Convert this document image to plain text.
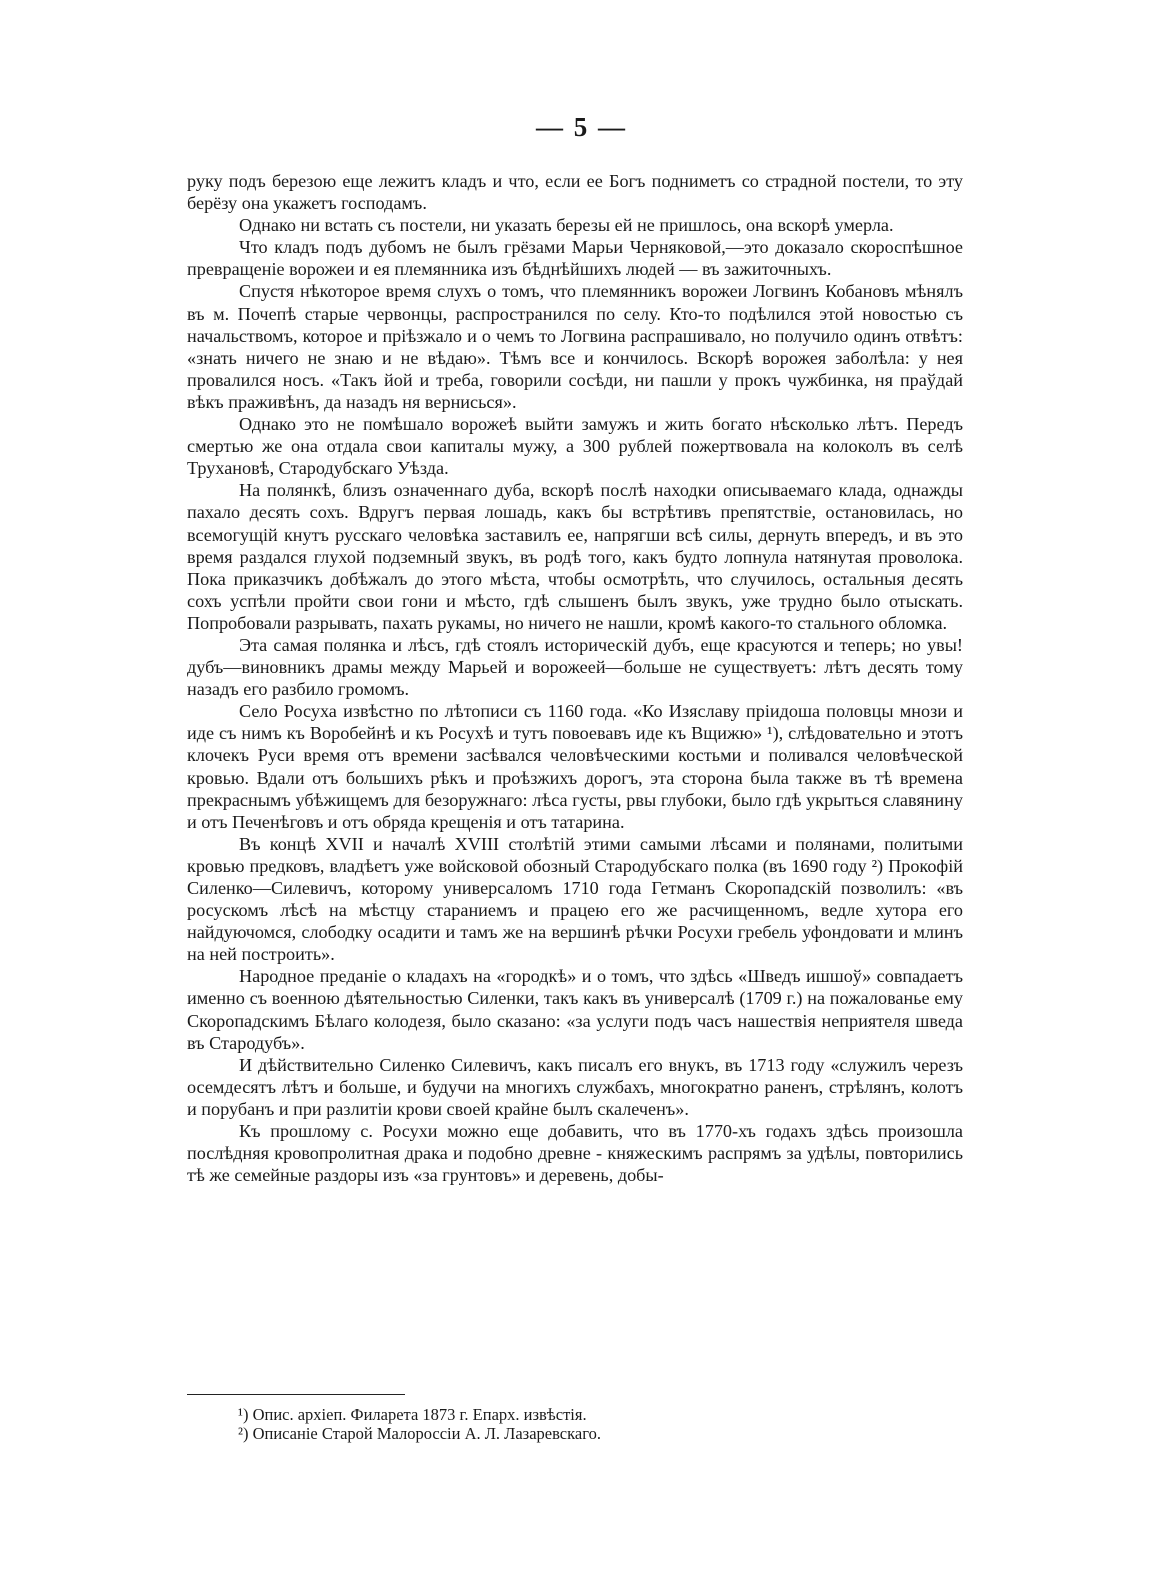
— 5 —

руку подъ березою еще лежитъ кладъ и что, если ее Богъ подниметъ со страдной постели, то эту берёзу она укажетъ господамъ.

Однако ни встать съ постели, ни указать березы ей не пришлось, она вскорѣ умерла.

Что кладъ подъ дубомъ не былъ грёзами Марьи Черняковой,—это доказало скороспѣшное превращенiе ворожеи и ея племянника изъ бѣднѣйшихъ людей — въ зажиточныхъ.

Спустя нѣкоторое время слухъ о томъ, что племянникъ ворожеи Логвинъ Кобановъ мѣнялъ въ м. Почепѣ старые червонцы, распространился по селу. Кто-то подѣлился этой новостью съ начальствомъ, которое и прiѣзжало и о чемъ то Логвина распрашивало, но получило одинъ отвѣтъ: «знать ничего не знаю и не вѣдаю». Тѣмъ все и кончилось. Вскорѣ ворожея заболѣла: у нея провалился носъ. «Такъ йой и треба, говорили сосѣди, ни пашли у прокъ чужбинка, ня праўдай вѣкъ праживѣнъ, да назадъ ня вернисься».

Однако это не помѣшало ворожеѣ выйти замужъ и жить богато нѣсколько лѣтъ. Передъ смертью же она отдала свои капиталы мужу, а 300 рублей пожертвовала на колоколъ въ селѣ Трухановѣ, Стародубскаго Уѣзда.

На полянкѣ, близъ означеннаго дуба, вскорѣ послѣ находки описываемаго клада, однажды пахало десять сохъ. Вдругъ первая лошадь, какъ бы встрѣтивъ препятствiе, остановилась, но всемогущiй кнутъ русскаго человѣка заставилъ ее, напрягши всѣ силы, дернуть впередъ, и въ это время раздался глухой подземный звукъ, въ родѣ того, какъ будто лопнула натянутая проволока. Пока приказчикъ добѣжалъ до этого мѣста, чтобы осмотрѣть, что случилось, остальныя десять сохъ успѣли пройти свои гони и мѣсто, гдѣ слышенъ былъ звукъ, уже трудно было отыскать. Попробовали разрывать, пахать рукамы, но ничего не нашли, кромѣ какого-то стального обломка.

Эта самая полянка и лѣсъ, гдѣ стоялъ историческiй дубъ, еще красуются и теперь; но увы! дубъ—виновникъ драмы между Марьей и ворожеей—больше не существуетъ: лѣтъ десять тому назадъ его разбило громомъ.

Село Росуха извѣстно по лѣтописи съ 1160 года. «Ко Изяславу прiидоша половцы мнози и иде съ нимъ къ Воробейнѣ и къ Росухѣ и тутъ повоевавъ иде къ Вщижю» ¹), слѣдовательно и этотъ клочекъ Руси время отъ времени засѣвался человѣческими костьми и поливался человѣческой кровью. Вдали отъ большихъ рѣкъ и проѣзжихъ дорогъ, эта сторона была также въ тѣ времена прекраснымъ убѣжищемъ для безоружнаго: лѣса густы, рвы глубоки, было гдѣ укрыться славянину и отъ Печенѣговъ и отъ обряда крещенiя и отъ татарина.

Въ концѣ XVII и началѣ XVIII столѣтiй этими самыми лѣсами и полянами, политыми кровью предковъ, владѣетъ уже войсковой обозный Стародубскаго полка (въ 1690 году ²) Прокофiй Силенко—Силевичъ, которому универсаломъ 1710 года Гетманъ Скоропадскiй позволилъ: «въ росускомъ лѣсѣ на мѣстцу стараниемъ и працею его же расчищенномъ, ведле хутора его найдуючомся, слободку осадити и тамъ же на вершинѣ рѣчки Росухи гребель уфондовати и млинъ на ней построить».

Народное преданiе о кладахъ на «городкѣ» и о томъ, что здѣсь «Шведъ ишшоў» совпадаетъ именно съ военною дѣятельностью Силенки, такъ какъ въ универсалѣ (1709 г.) на пожалованье ему Скоропадскимъ Бѣлаго колодезя, было сказано: «за услуги подъ часъ нашествiя неприятеля шведа въ Стародубъ».

И дѣйствительно Силенко Силевичъ, какъ писалъ его внукъ, въ 1713 году «служилъ черезъ осемдесятъ лѣтъ и больше, и будучи на многихъ службахъ, многократно раненъ, стрѣлянъ, колотъ и порубанъ и при разлитiи крови своей крайне былъ скалеченъ».

Къ прошлому с. Росухи можно еще добавить, что въ 1770-хъ годахъ здѣсь произошла послѣдняя кровопролитная драка и подобно древне - княжескимъ распрямъ за удѣлы, повторились тѣ же семейные раздоры изъ «за грунтовъ» и деревень, добы-

¹) Опис. архiеп. Филарета 1873 г. Епарх. извѣстiя.

²) Описанiе Старой Малороссiи А. Л. Лазаревскаго.
